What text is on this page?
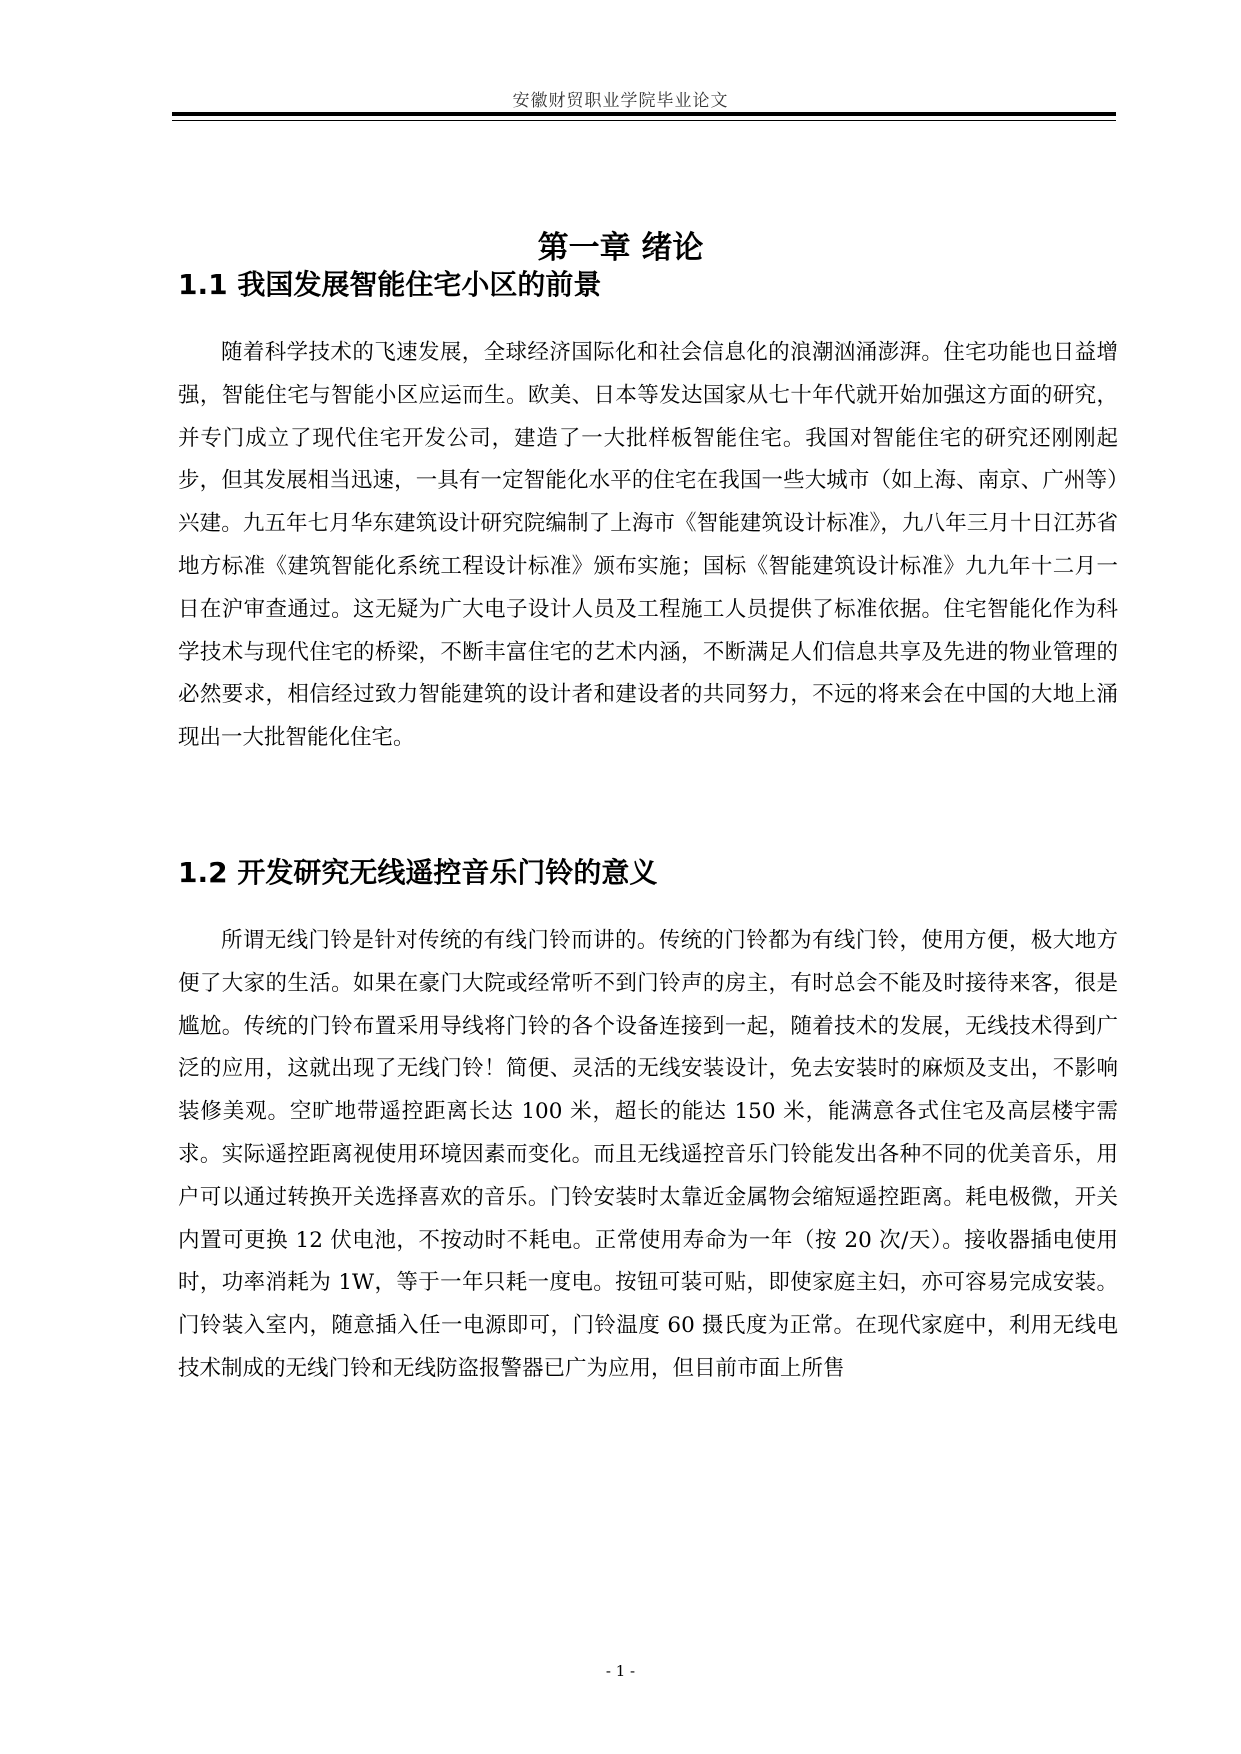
安徽财贸职业学院毕业论文
第一章 绪论
1.1 我国发展智能住宅小区的前景

随着科学技术的飞速发展，全球经济国际化和社会信息化的浪潮汹涌澎湃。住宅功能也日益增强，智能住宅与智能小区应运而生。欧美、日本等发达国家从七十年代就开始加强这方面的研究，并专门成立了现代住宅开发公司，建造了一大批样板智能住宅。我国对智能住宅的研究还刚刚起步，但其发展相当迅速，一具有一定智能化水平的住宅在我国一些大城市（如上海、南京、广州等）兴建。九五年七月华东建筑设计研究院编制了上海市《智能建筑设计标准》，九八年三月十日江苏省地方标准《建筑智能化系统工程设计标准》颁布实施；国标《智能建筑设计标准》九九年十二月一日在沪审查通过。这无疑为广大电子设计人员及工程施工人员提供了标准依据。住宅智能化作为科学技术与现代住宅的桥梁，不断丰富住宅的艺术内涵，不断满足人们信息共享及先进的物业管理的必然要求，相信经过致力智能建筑的设计者和建设者的共同努力，不远的将来会在中国的大地上涌现出一大批智能化住宅。

1.2 开发研究无线遥控音乐门铃的意义

所谓无线门铃是针对传统的有线门铃而讲的。传统的门铃都为有线门铃，使用方便，极大地方便了大家的生活。如果在豪门大院或经常听不到门铃声的房主，有时总会不能及时接待来客，很是尴尬。传统的门铃布置采用导线将门铃的各个设备连接到一起，随着技术的发展，无线技术得到广泛的应用，这就出现了无线门铃！简便、灵活的无线安装设计，免去安装时的麻烦及支出，不影响装修美观。空旷地带遥控距离长达 100 米，超长的能达 150 米，能满意各式住宅及高层楼宇需求。实际遥控距离视使用环境因素而变化。而且无线遥控音乐门铃能发出各种不同的优美音乐，用户可以通过转换开关选择喜欢的音乐。门铃安装时太靠近金属物会缩短遥控距离。耗电极微，开关内置可更换 12 伏电池，不按动时不耗电。正常使用寿命为一年（按 20 次/天）。接收器插电使用时，功率消耗为 1W，等于一年只耗一度电。按钮可装可贴，即使家庭主妇，亦可容易完成安装。门铃装入室内，随意插入任一电源即可，门铃温度 60 摄氏度为正常。在现代家庭中，利用无线电技术制成的无线门铃和无线防盗报警器已广为应用，但目前市面上所售

- 1 -
